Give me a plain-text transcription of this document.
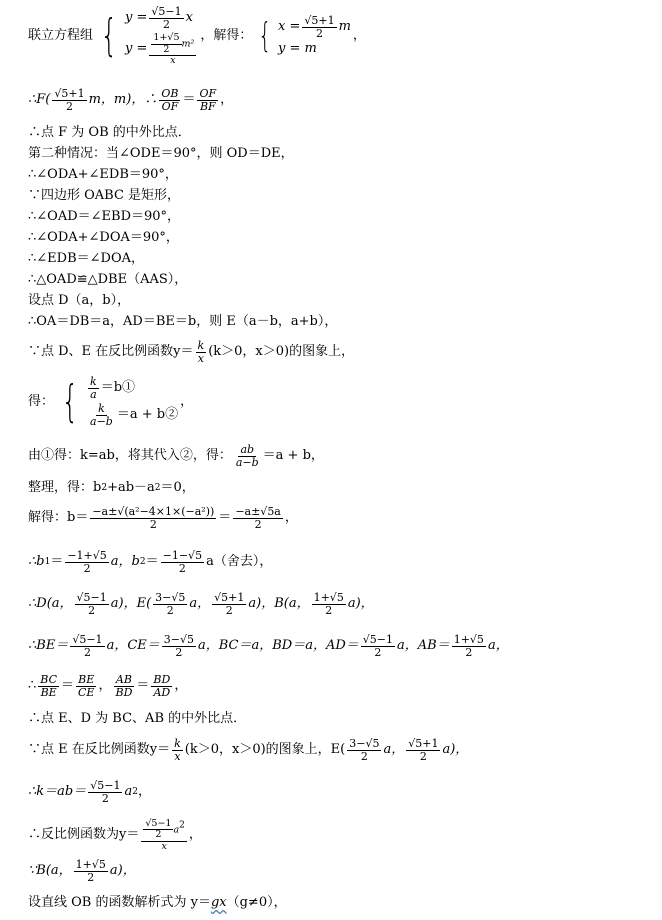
联立方程组 { $y = \frac{√5-1}{2}$ x
$y = \frac{\frac{1+√5}{2} m^2}{x}$ ，解得： { $x = \frac{√5+1}{2}$ m
y = m
，
∴F( $\frac{√5+1}{2}$ m，m)，∴ $\frac{OB}{OF} = \frac{OF}{BF}$ ，
∴点 F 为 OB 的中外比点．
第二种情况：当∠ODE＝90°，则 OD＝DE，
∴∠ODA+∠EDB＝90°，
∵四边形 OABC 是矩形，
∴∠OAD＝∠EBD＝90°，
∴∠ODA+∠DOA＝90°，
∴∠EDB＝∠DOA，
∴△OAD≌△DBE（AAS），
设点 D（a，b），
∴OA＝DB＝a，AD＝BE＝b，则 E（a－b，a+b），
∵点 D、E 在反比例函数$y= \frac{k}{x} (k>0$，x＞0)的图象上，
得： { $\frac{k}{a}$ ＝b①
$\frac{k}{a-b} =a$ + b②
，
由①得：k=ab，将其代入②，得： $\frac{ab}{a-b} =a + b$，
整理，得：b 2 +ab－a 2 ＝0，
解得：$b= \frac{\text{−a±√(a²−4×1×(−a²))}}{2} = \frac{-a\pm√5a}{2}$ ，
∴b $1 = \frac{-1+√5}{2}$ a，b $2 = \frac{-1-√5}{2} a$（舍去），
∴D(a， $\frac{√5-1}{2} a$)，$E( \frac{3-√5}{2}$ a， $\frac{√5+1}{2} a$)，B(a， $\frac{1+√5}{2} a$)，
∴BE＝ $\frac{√5-1}{2}$ a，$CE= \frac{3-√5}{2}$ a，BC＝a，BD＝a，$AD= \frac{√5-1}{2}$ a，$AB= \frac{1+√5}{2}$ a，
∴ $\frac{BC}{BE} = \frac{BE}{CE}$ ， $\frac{AB}{BD} = \frac{BD}{AD}$ ，
∴点 E、D 为 BC、AB 的中外比点．
∵点 E 在反比例函数$y= \frac{k}{x} (k>0$，x＞0)的图象上，$E( \frac{3-√5}{2}$ a， $\frac{√5+1}{2} a$)，
∴k＝ab＝ $\frac{√5-1}{2}$ a 2 ，
∴反比例函数为$y= \frac{\frac{√5-1}{2} a2}{x}$ ，
∵B(a， $\frac{1+√5}{2} a$)，
设直线 OB 的函数解析式为 y＝ gx （g≠0），
